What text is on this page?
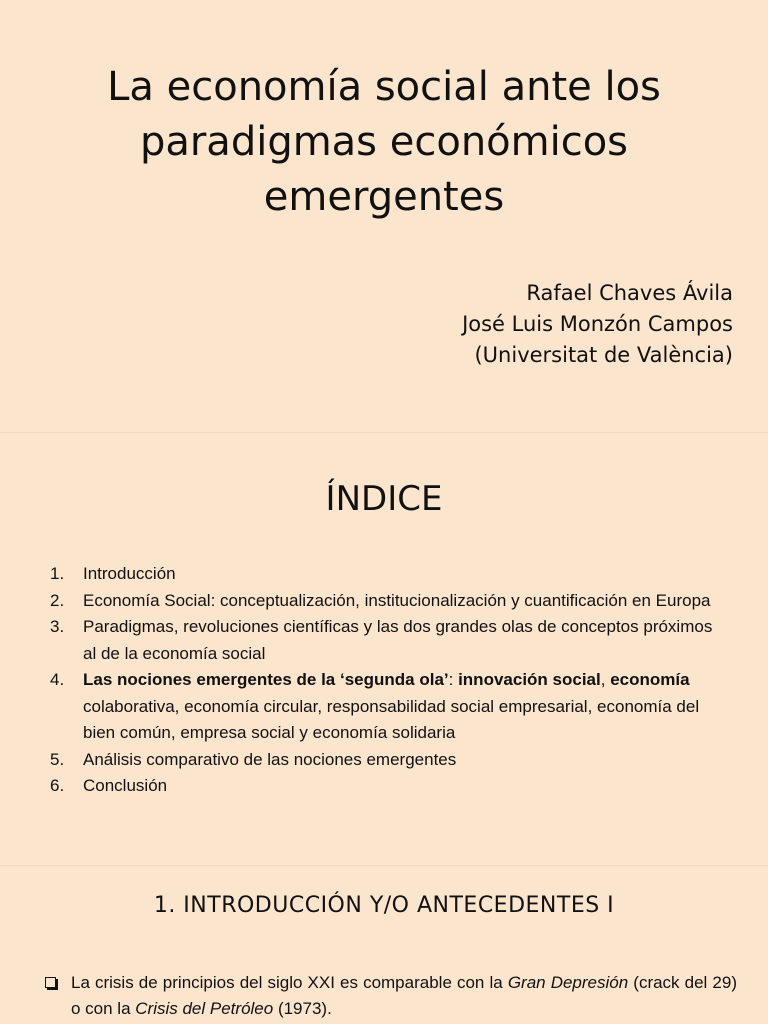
La economía social ante los
paradigmas económicos
emergentes
Rafael Chaves Ávila
José Luis Monzón Campos
(Universitat de València)
ÍNDICE
1.	Introducción
2.	Economía Social: conceptualización, institucionalización y cuantificación en Europa
3.	Paradigmas, revoluciones científicas y las dos grandes olas de conceptos próximos al de la economía social
4.	Las nociones emergentes de la ‘segunda ola’: innovación social, economía colaborativa, economía circular, responsabilidad social empresarial, economía del bien común, empresa social y economía solidaria
5.	Análisis comparativo de las nociones emergentes
6.	Conclusión
1. INTRODUCCIÓN Y/O ANTECEDENTES I
La crisis de principios del siglo XXI es comparable con la Gran Depresión (crack del 29) o con la Crisis del Petróleo (1973).
